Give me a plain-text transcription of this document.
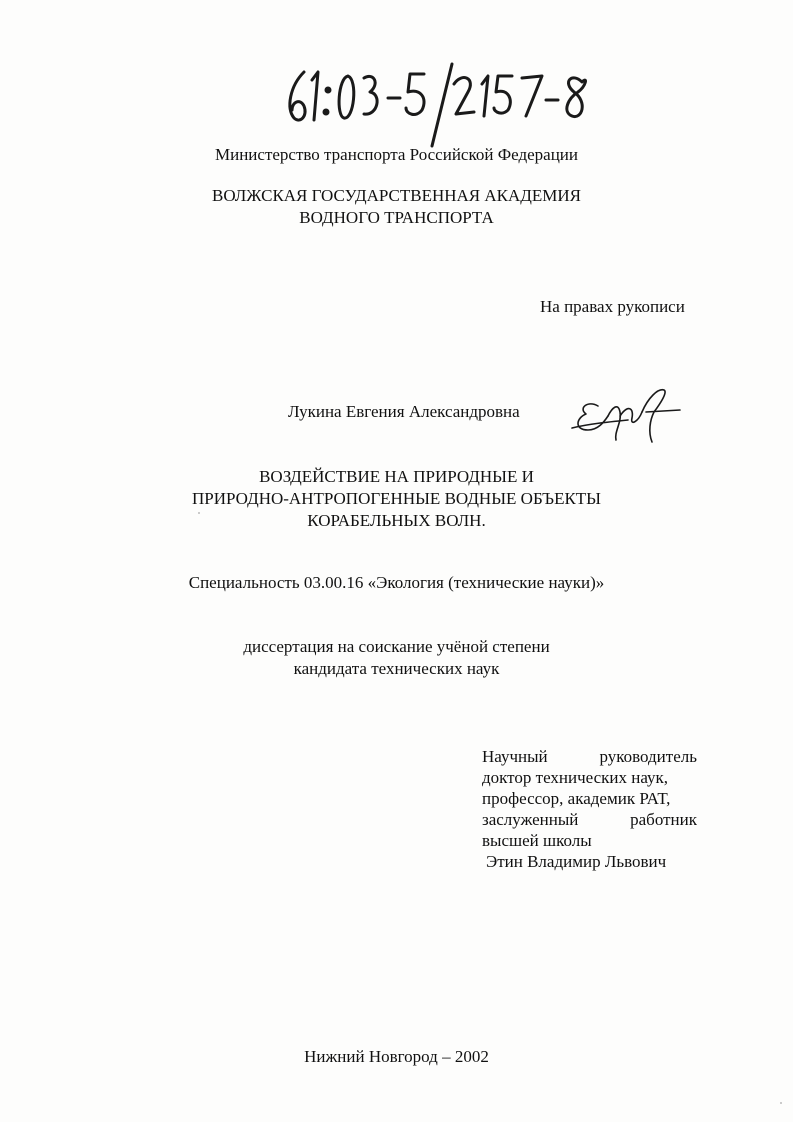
Министерство транспорта Российской Федерации
ВОЛЖСКАЯ ГОСУДАРСТВЕННАЯ АКАДЕМИЯ
ВОДНОГО ТРАНСПОРТА
На правах рукописи
Лукина Евгения Александровна
ВОЗДЕЙСТВИЕ НА ПРИРОДНЫЕ И
ПРИРОДНО-АНТРОПОГЕННЫЕ ВОДНЫЕ ОБЪЕКТЫ
КОРАБЕЛЬНЫХ ВОЛН.
Специальность 03.00.16 «Экология (технические науки)»
диссертация на соискание учёной степени
кандидата технических наук
Научный	руководитель
доктор технических наук,
профессор, академик РАТ,
заслуженный	работник
высшей школы
Этин Владимир Львович
Нижний Новгород – 2002
